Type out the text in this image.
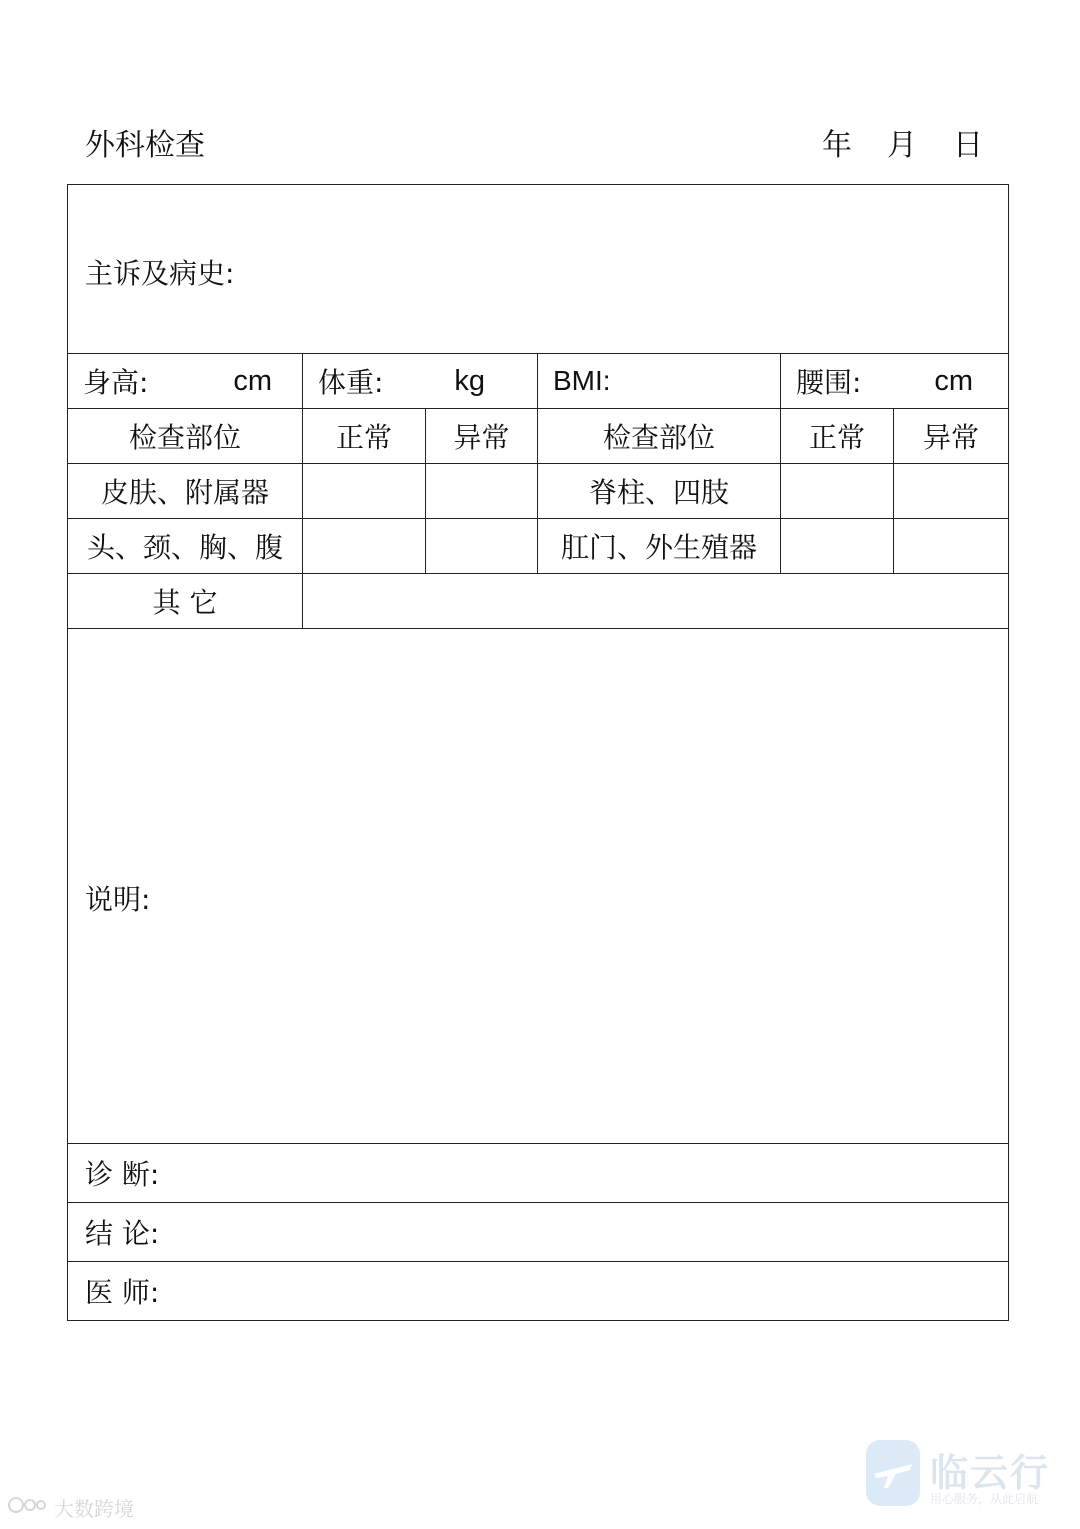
外科检查	年 月 日
主诉及病史:					

身高: cm	体重: kg		BMI:	腰围: cm	

检查部位	正常	异常	检查部位	正常	异常
皮肤、附属器			脊柱、四肢		
头、颈、胸、腹			肛门、外生殖器		
其 它					

说明:					

诊 断:					
结 论:					
医 师:					
大数跨境
临云行
用心服务，从此启航
